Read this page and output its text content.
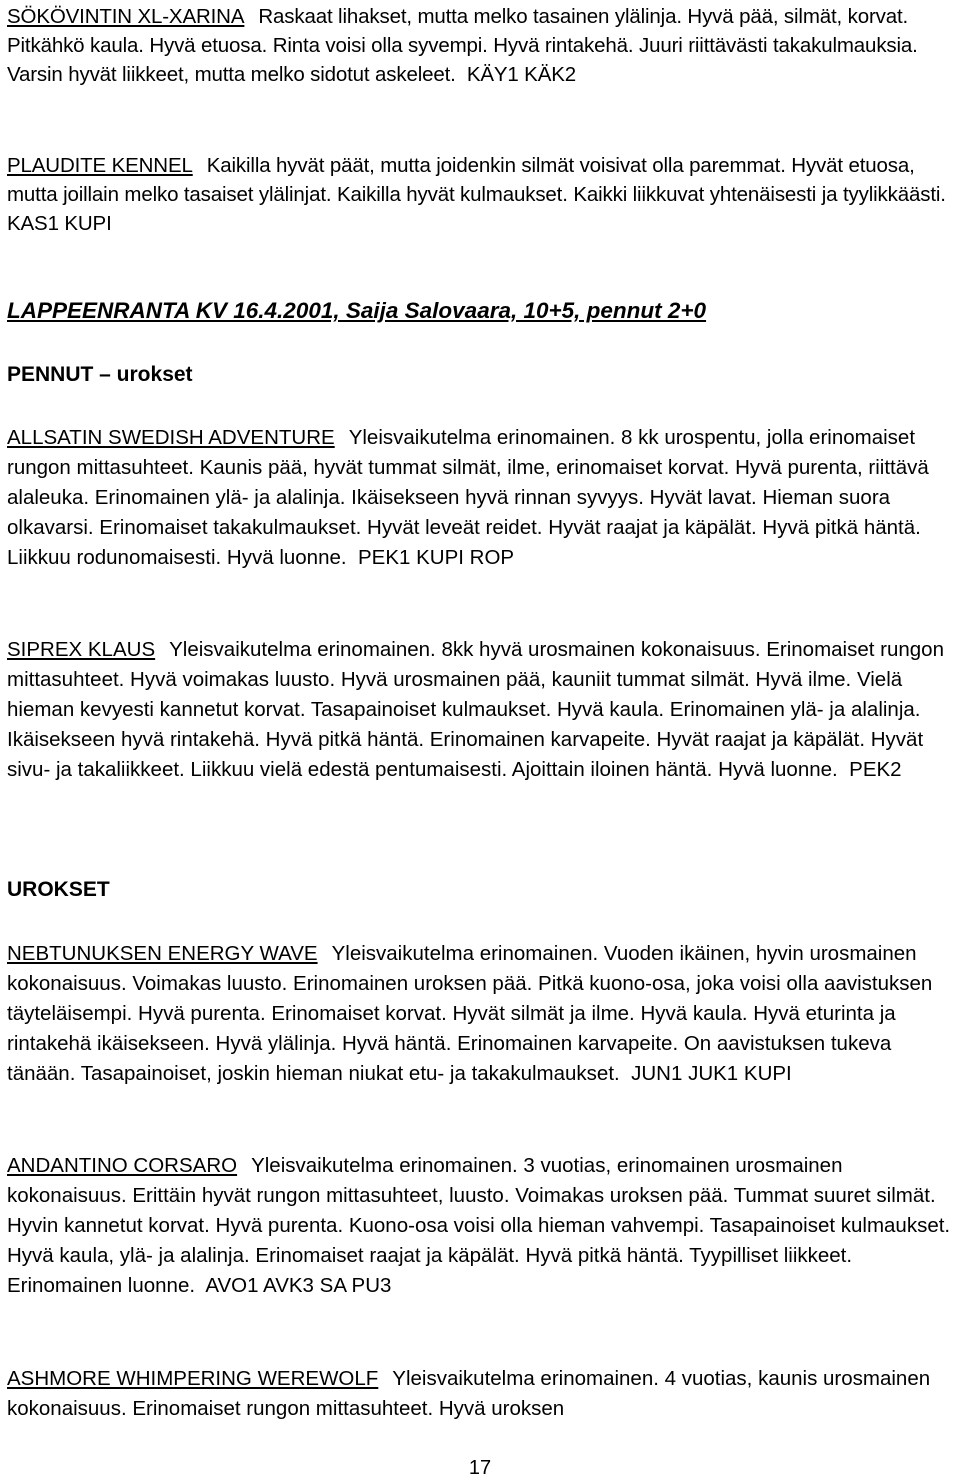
SÖKÖVINTIN XL-XARINA Raskaat lihakset, mutta melko tasainen ylälinja. Hyvä pää, silmät, korvat. Pitkähkö kaula. Hyvä etuosa. Rinta voisi olla syvempi. Hyvä rintakehä. Juuri riittävästi takakulmauksia. Varsin hyvät liikkeet, mutta melko sidotut askeleet. KÄY1 KÄK2

PLAUDITE KENNEL Kaikilla hyvät päät, mutta joidenkin silmät voisivat olla paremmat. Hyvät etuosa, mutta joillain melko tasaiset ylälinjat. Kaikilla hyvät kulmaukset. Kaikki liikkuvat yhtenäisesti ja tyylikkäästi.  KAS1 KUPI

LAPPEENRANTA KV 16.4.2001, Saija Salovaara, 10+5, pennut 2+0

PENNUT – urokset

ALLSATIN SWEDISH ADVENTURE Yleisvaikutelma erinomainen. 8 kk urospentu, jolla erinomaiset rungon mittasuhteet. Kaunis pää, hyvät tummat silmät, ilme, erinomaiset korvat. Hyvä purenta, riittävä alaleuka. Erinomainen ylä- ja alalinja. Ikäisekseen hyvä rinnan syvyys. Hyvät lavat. Hieman suora olkavarsi. Erinomaiset takakulmaukset. Hyvät leveät reidet. Hyvät raajat ja käpälät. Hyvä pitkä häntä. Liikkuu rodunomaisesti. Hyvä luonne. PEK1 KUPI ROP

SIPREX KLAUS Yleisvaikutelma erinomainen. 8kk hyvä urosmainen kokonaisuus. Erinomaiset rungon mittasuhteet. Hyvä voimakas luusto. Hyvä urosmainen pää, kauniit tummat silmät. Hyvä ilme. Vielä hieman kevyesti kannetut korvat. Tasapainoiset kulmaukset. Hyvä kaula. Erinomainen ylä- ja alalinja. Ikäisekseen hyvä rintakehä. Hyvä pitkä häntä. Erinomainen karvapeite. Hyvät raajat ja käpälät. Hyvät sivu- ja takaliikkeet. Liikkuu vielä edestä pentumaisesti. Ajoittain iloinen häntä. Hyvä luonne. PEK2

UROKSET

NEBTUNUKSEN ENERGY WAVE Yleisvaikutelma erinomainen. Vuoden ikäinen, hyvin urosmainen kokonaisuus. Voimakas luusto. Erinomainen uroksen pää. Pitkä kuono-osa, joka voisi olla aavistuksen täyteläisempi. Hyvä purenta. Erinomaiset korvat. Hyvät silmät ja ilme. Hyvä kaula. Hyvä eturinta ja rintakehä ikäisekseen. Hyvä ylälinja. Hyvä häntä. Erinomainen karvapeite. On aavistuksen tukeva tänään. Tasapainoiset, joskin hieman niukat etu- ja takakulmaukset. JUN1 JUK1 KUPI

ANDANTINO CORSARO Yleisvaikutelma erinomainen. 3 vuotias, erinomainen urosmainen kokonaisuus. Erittäin hyvät rungon mittasuhteet, luusto. Voimakas uroksen pää. Tummat suuret silmät. Hyvin kannetut korvat. Hyvä purenta. Kuono-osa voisi olla hieman vahvempi. Tasapainoiset kulmaukset. Hyvä kaula, ylä- ja alalinja. Erinomaiset raajat ja käpälät. Hyvä pitkä häntä. Tyypilliset liikkeet. Erinomainen luonne. AVO1 AVK3 SA PU3

ASHMORE WHIMPERING WEREWOLF Yleisvaikutelma erinomainen. 4 vuotias, kaunis urosmainen kokonaisuus. Erinomaiset rungon mittasuhteet. Hyvä uroksen

17
